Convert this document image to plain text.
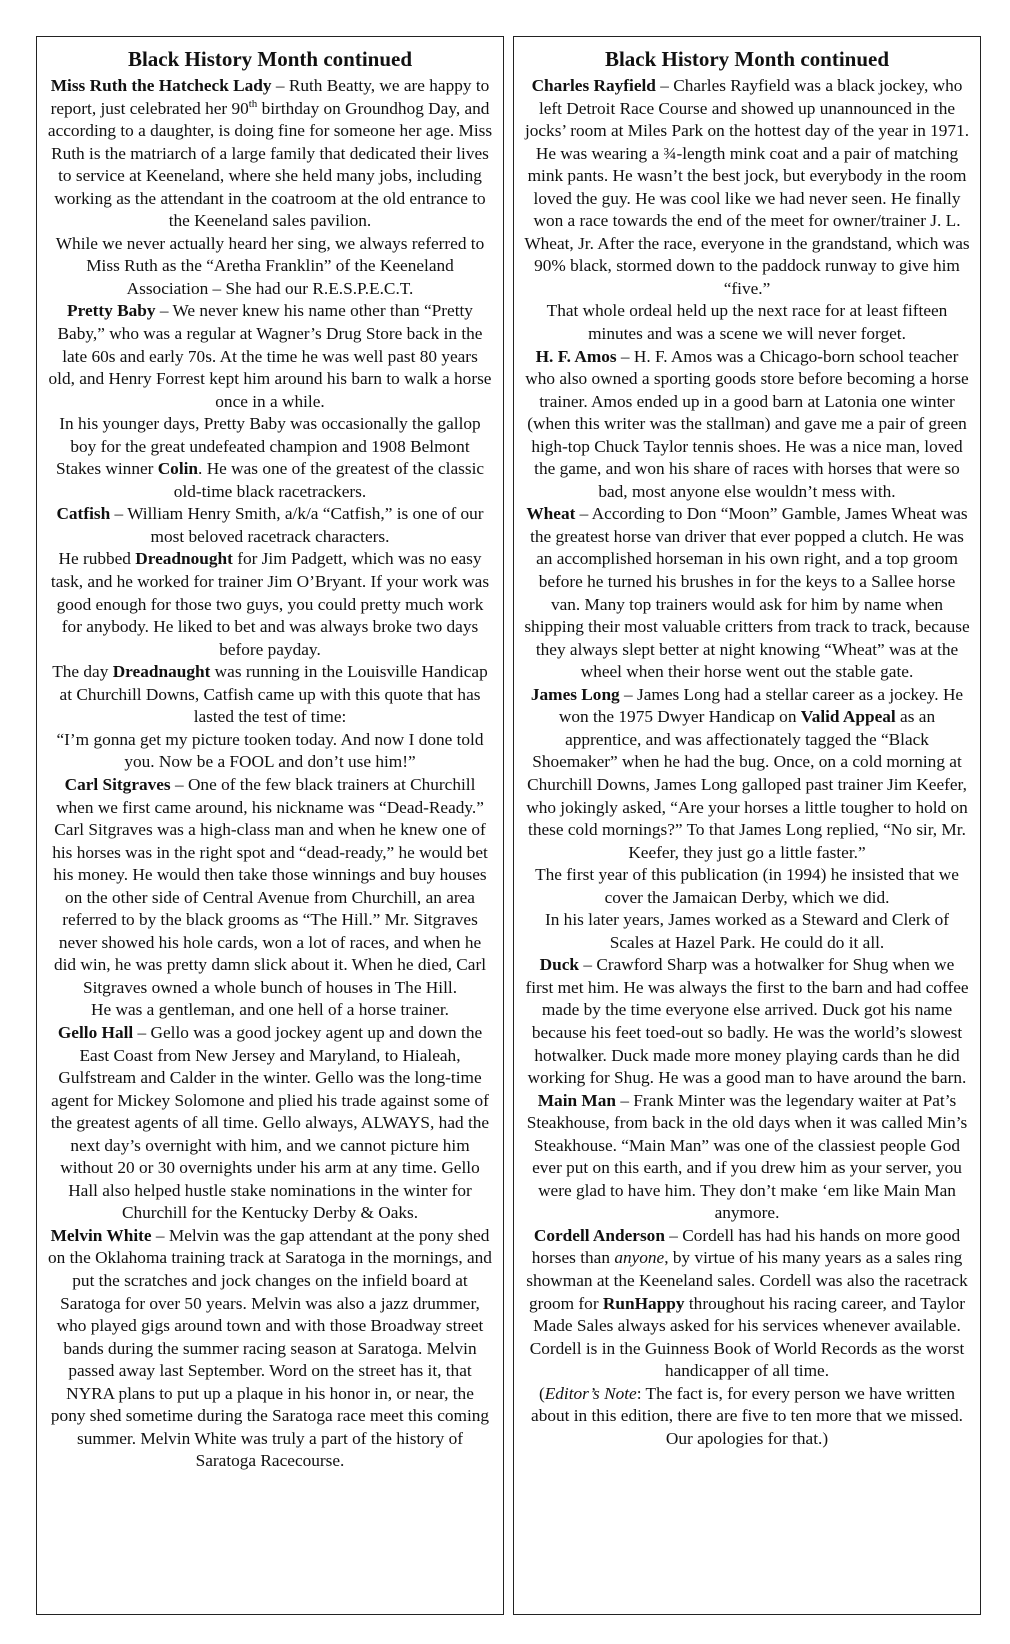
Black History Month continued

Miss Ruth the Hatcheck Lady – Ruth Beatty, we are happy to report, just celebrated her 90th birthday on Groundhog Day, and according to a daughter, is doing fine for someone her age. Miss Ruth is the matriarch of a large family that dedicated their lives to service at Keeneland, where she held many jobs, including working as the attendant in the coatroom at the old entrance to the Keeneland sales pavilion.

While we never actually heard her sing, we always referred to Miss Ruth as the “Aretha Franklin” of the Keeneland Association – She had our R.E.S.P.E.C.T.

Pretty Baby – We never knew his name other than “Pretty Baby,” who was a regular at Wagner’s Drug Store back in the late 60s and early 70s. At the time he was well past 80 years old, and Henry Forrest kept him around his barn to walk a horse once in a while.

In his younger days, Pretty Baby was occasionally the gallop boy for the great undefeated champion and 1908 Belmont Stakes winner Colin. He was one of the greatest of the classic old-time black racetrackers.

Catfish – William Henry Smith, a/k/a “Catfish,” is one of our most beloved racetrack characters.

He rubbed Dreadnought for Jim Padgett, which was no easy task, and he worked for trainer Jim O’Bryant. If your work was good enough for those two guys, you could pretty much work for anybody. He liked to bet and was always broke two days before payday.

The day Dreadnaught was running in the Louisville Handicap at Churchill Downs, Catfish came up with this quote that has lasted the test of time:

“I’m gonna get my picture tooken today. And now I done told you. Now be a FOOL and don’t use him!”

Carl Sitgraves – One of the few black trainers at Churchill when we first came around, his nickname was “Dead-Ready.” Carl Sitgraves was a high-class man and when he knew one of his horses was in the right spot and “dead-ready,” he would bet his money. He would then take those winnings and buy houses on the other side of Central Avenue from Churchill, an area referred to by the black grooms as “The Hill.” Mr. Sitgraves never showed his hole cards, won a lot of races, and when he did win, he was pretty damn slick about it. When he died, Carl Sitgraves owned a whole bunch of houses in The Hill.

He was a gentleman, and one hell of a horse trainer.

Gello Hall – Gello was a good jockey agent up and down the East Coast from New Jersey and Maryland, to Hialeah, Gulfstream and Calder in the winter. Gello was the long-time agent for Mickey Solomone and plied his trade against some of the greatest agents of all time. Gello always, ALWAYS, had the next day’s overnight with him, and we cannot picture him without 20 or 30 overnights under his arm at any time. Gello Hall also helped hustle stake nominations in the winter for Churchill for the Kentucky Derby & Oaks.

Melvin White – Melvin was the gap attendant at the pony shed on the Oklahoma training track at Saratoga in the mornings, and put the scratches and jock changes on the infield board at Saratoga for over 50 years. Melvin was also a jazz drummer, who played gigs around town and with those Broadway street bands during the summer racing season at Saratoga. Melvin passed away last September. Word on the street has it, that NYRA plans to put up a plaque in his honor in, or near, the pony shed sometime during the Saratoga race meet this coming summer. Melvin White was truly a part of the history of Saratoga Racecourse.

Black History Month continued

Charles Rayfield – Charles Rayfield was a black jockey, who left Detroit Race Course and showed up unannounced in the jocks’ room at Miles Park on the hottest day of the year in 1971. He was wearing a ¾-length mink coat and a pair of matching mink pants. He wasn’t the best jock, but everybody in the room loved the guy. He was cool like we had never seen. He finally won a race towards the end of the meet for owner/trainer J. L. Wheat, Jr. After the race, everyone in the grandstand, which was 90% black, stormed down to the paddock runway to give him “five.”

That whole ordeal held up the next race for at least fifteen minutes and was a scene we will never forget.

H. F. Amos – H. F. Amos was a Chicago-born school teacher who also owned a sporting goods store before becoming a horse trainer. Amos ended up in a good barn at Latonia one winter (when this writer was the stallman) and gave me a pair of green high-top Chuck Taylor tennis shoes. He was a nice man, loved the game, and won his share of races with horses that were so bad, most anyone else wouldn’t mess with.

Wheat – According to Don “Moon” Gamble, James Wheat was the greatest horse van driver that ever popped a clutch. He was an accomplished horseman in his own right, and a top groom before he turned his brushes in for the keys to a Sallee horse van. Many top trainers would ask for him by name when shipping their most valuable critters from track to track, because they always slept better at night knowing “Wheat” was at the wheel when their horse went out the stable gate.

James Long – James Long had a stellar career as a jockey. He won the 1975 Dwyer Handicap on Valid Appeal as an apprentice, and was affectionately tagged the “Black Shoemaker” when he had the bug. Once, on a cold morning at Churchill Downs, James Long galloped past trainer Jim Keefer, who jokingly asked, “Are your horses a little tougher to hold on these cold mornings?” To that James Long replied, “No sir, Mr. Keefer, they just go a little faster.”

The first year of this publication (in 1994) he insisted that we cover the Jamaican Derby, which we did.

In his later years, James worked as a Steward and Clerk of Scales at Hazel Park. He could do it all.

Duck – Crawford Sharp was a hotwalker for Shug when we first met him. He was always the first to the barn and had coffee made by the time everyone else arrived. Duck got his name because his feet toed-out so badly. He was the world’s slowest hotwalker. Duck made more money playing cards than he did working for Shug. He was a good man to have around the barn.

Main Man – Frank Minter was the legendary waiter at Pat’s Steakhouse, from back in the old days when it was called Min’s Steakhouse. “Main Man” was one of the classiest people God ever put on this earth, and if you drew him as your server, you were glad to have him. They don’t make ‘em like Main Man anymore.

Cordell Anderson – Cordell has had his hands on more good horses than anyone, by virtue of his many years as a sales ring showman at the Keeneland sales. Cordell was also the racetrack groom for RunHappy throughout his racing career, and Taylor Made Sales always asked for his services whenever available. Cordell is in the Guinness Book of World Records as the worst handicapper of all time.

(Editor’s Note: The fact is, for every person we have written about in this edition, there are five to ten more that we missed. Our apologies for that.)
